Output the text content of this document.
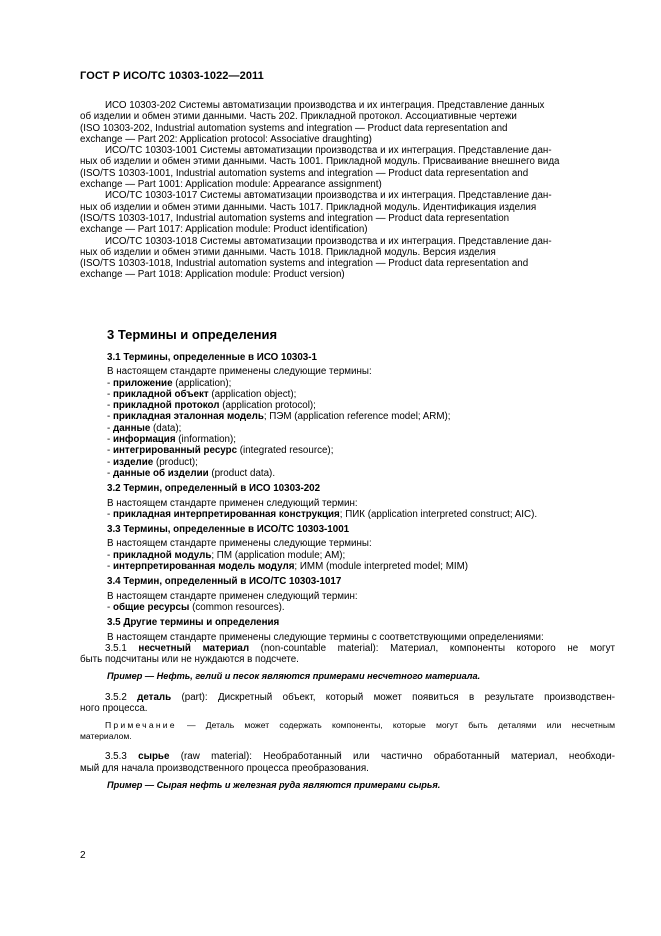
ГОСТ Р ИСО/ТС 10303-1022—2011
ИСО 10303-202 Системы автоматизации производства и их интеграция. Представление данных
об изделии и обмен этими данными. Часть 202. Прикладной протокол. Ассоциативные чертежи
(ISO 10303-202, Industrial automation systems and integration — Product data representation and
exchange — Part 202: Application protocol: Associative draughting)
ИСО/ТС 10303-1001 Системы автоматизации производства и их интеграция. Представление дан-
ных об изделии и обмен этими данными. Часть 1001. Прикладной модуль. Присваивание внешнего вида
(ISO/TS 10303-1001, Industrial automation systems and integration — Product data representation and
exchange — Part 1001: Application module: Appearance assignment)
ИСО/ТС 10303-1017 Системы автоматизации производства и их интеграция. Представление дан-
ных об изделии и обмен этими данными. Часть 1017. Прикладной модуль. Идентификация изделия
(ISO/TS 10303-1017, Industrial automation systems and integration — Product data representation
exchange — Part 1017: Application module: Product identification)
ИСО/ТС 10303-1018 Системы автоматизации производства и их интеграция. Представление дан-
ных об изделии и обмен этими данными. Часть 1018. Прикладной модуль. Версия изделия
(ISO/TS 10303-1018, Industrial automation systems and integration — Product data representation and
exchange — Part 1018: Application module: Product version)
3 Термины и определения
3.1 Термины, определенные в ИСО 10303-1
В настоящем стандарте применены следующие термины:
- приложение (application);
- прикладной объект (application object);
- прикладной протокол (application protocol);
- прикладная эталонная модель; ПЭМ (application reference model; ARM);
- данные (data);
- информация (information);
- интегрированный ресурс (integrated resource);
- изделие (product);
- данные об изделии (product data).
3.2 Термин, определенный в ИСО 10303-202
В настоящем стандарте применен следующий термин:
- прикладная интерпретированная конструкция; ПИК (application interpreted construct; AIC).
3.3 Термины, определенные в ИСО/ТС 10303-1001
В настоящем стандарте применены следующие термины:
- прикладной модуль; ПМ (application module; AM);
- интерпретированная модель модуля; ИММ (module interpreted model; MIM)
3.4 Термин, определенный в ИСО/ТС 10303-1017
В настоящем стандарте применен следующий термин:
- общие ресурсы (common resources).
3.5 Другие термины и определения
В настоящем стандарте применены следующие термины с соответствующими определениями:
3.5.1 несчетный материал (non-countable material): Материал, компоненты которого не могут
быть подсчитаны или не нуждаются в подсчете.
Пример — Нефть, гелий и песок являются примерами несчетного материала.
3.5.2 деталь (part): Дискретный объект, который может появиться в результате производствен-
ного процесса.
Примечание — Деталь может содержать компоненты, которые могут быть деталями или несчетным
материалом.
3.5.3 сырье (raw material): Необработанный или частично обработанный материал, необходи-
мый для начала производственного процесса преобразования.
Пример — Сырая нефть и железная руда являются примерами сырья.
2
